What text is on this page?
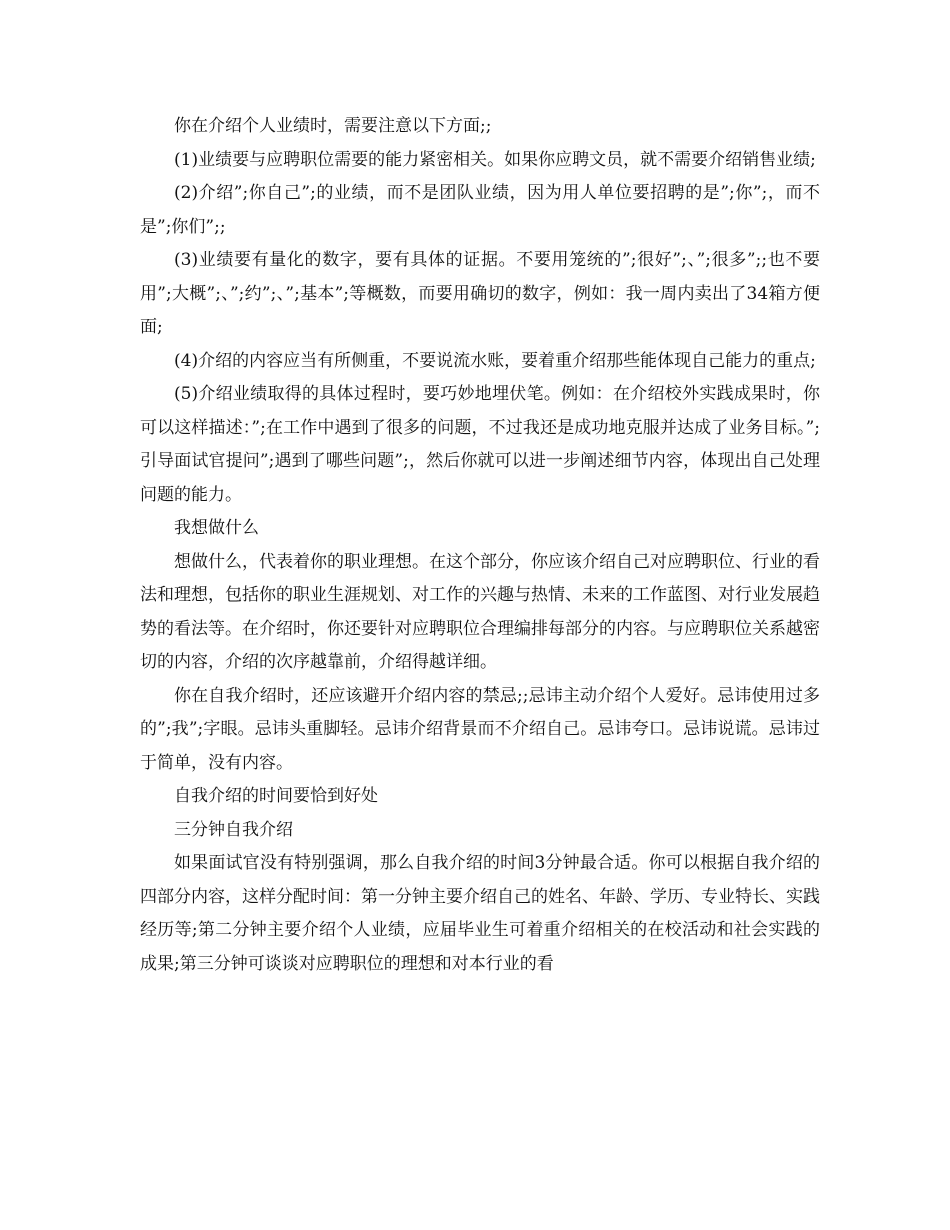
你在介绍个人业绩时，需要注意以下方面;;

(1)业绩要与应聘职位需要的能力紧密相关。如果你应聘文员，就不需要介绍销售业绩;

(2)介绍”;你自己”;的业绩，而不是团队业绩，因为用人单位要招聘的是”;你”;，而不是”;你们”;;

(3)业绩要有量化的数字，要有具体的证据。不要用笼统的”;很好”;、”;很多”;;也不要用”;大概”;、”;约”;、”;基本”;等概数，而要用确切的数字，例如：我一周内卖出了34箱方便面;

(4)介绍的内容应当有所侧重，不要说流水账，要着重介绍那些能体现自己能力的重点;

(5)介绍业绩取得的具体过程时，要巧妙地埋伏笔。例如：在介绍校外实践成果时，你可以这样描述：”;在工作中遇到了很多的问题，不过我还是成功地克服并达成了业务目标。”;引导面试官提问”;遇到了哪些问题”;，然后你就可以进一步阐述细节内容，体现出自己处理问题的能力。

我想做什么

想做什么，代表着你的职业理想。在这个部分，你应该介绍自己对应聘职位、行业的看法和理想，包括你的职业生涯规划、对工作的兴趣与热情、未来的工作蓝图、对行业发展趋势的看法等。在介绍时，你还要针对应聘职位合理编排每部分的内容。与应聘职位关系越密切的内容，介绍的次序越靠前，介绍得越详细。

你在自我介绍时，还应该避开介绍内容的禁忌;;忌讳主动介绍个人爱好。忌讳使用过多的”;我”;字眼。忌讳头重脚轻。忌讳介绍背景而不介绍自己。忌讳夸口。忌讳说谎。忌讳过于简单，没有内容。

自我介绍的时间要恰到好处

三分钟自我介绍

如果面试官没有特别强调，那么自我介绍的时间3分钟最合适。你可以根据自我介绍的四部分内容，这样分配时间：第一分钟主要介绍自己的姓名、年龄、学历、专业特长、实践经历等;第二分钟主要介绍个人业绩，应届毕业生可着重介绍相关的在校活动和社会实践的成果;第三分钟可谈谈对应聘职位的理想和对本行业的看
